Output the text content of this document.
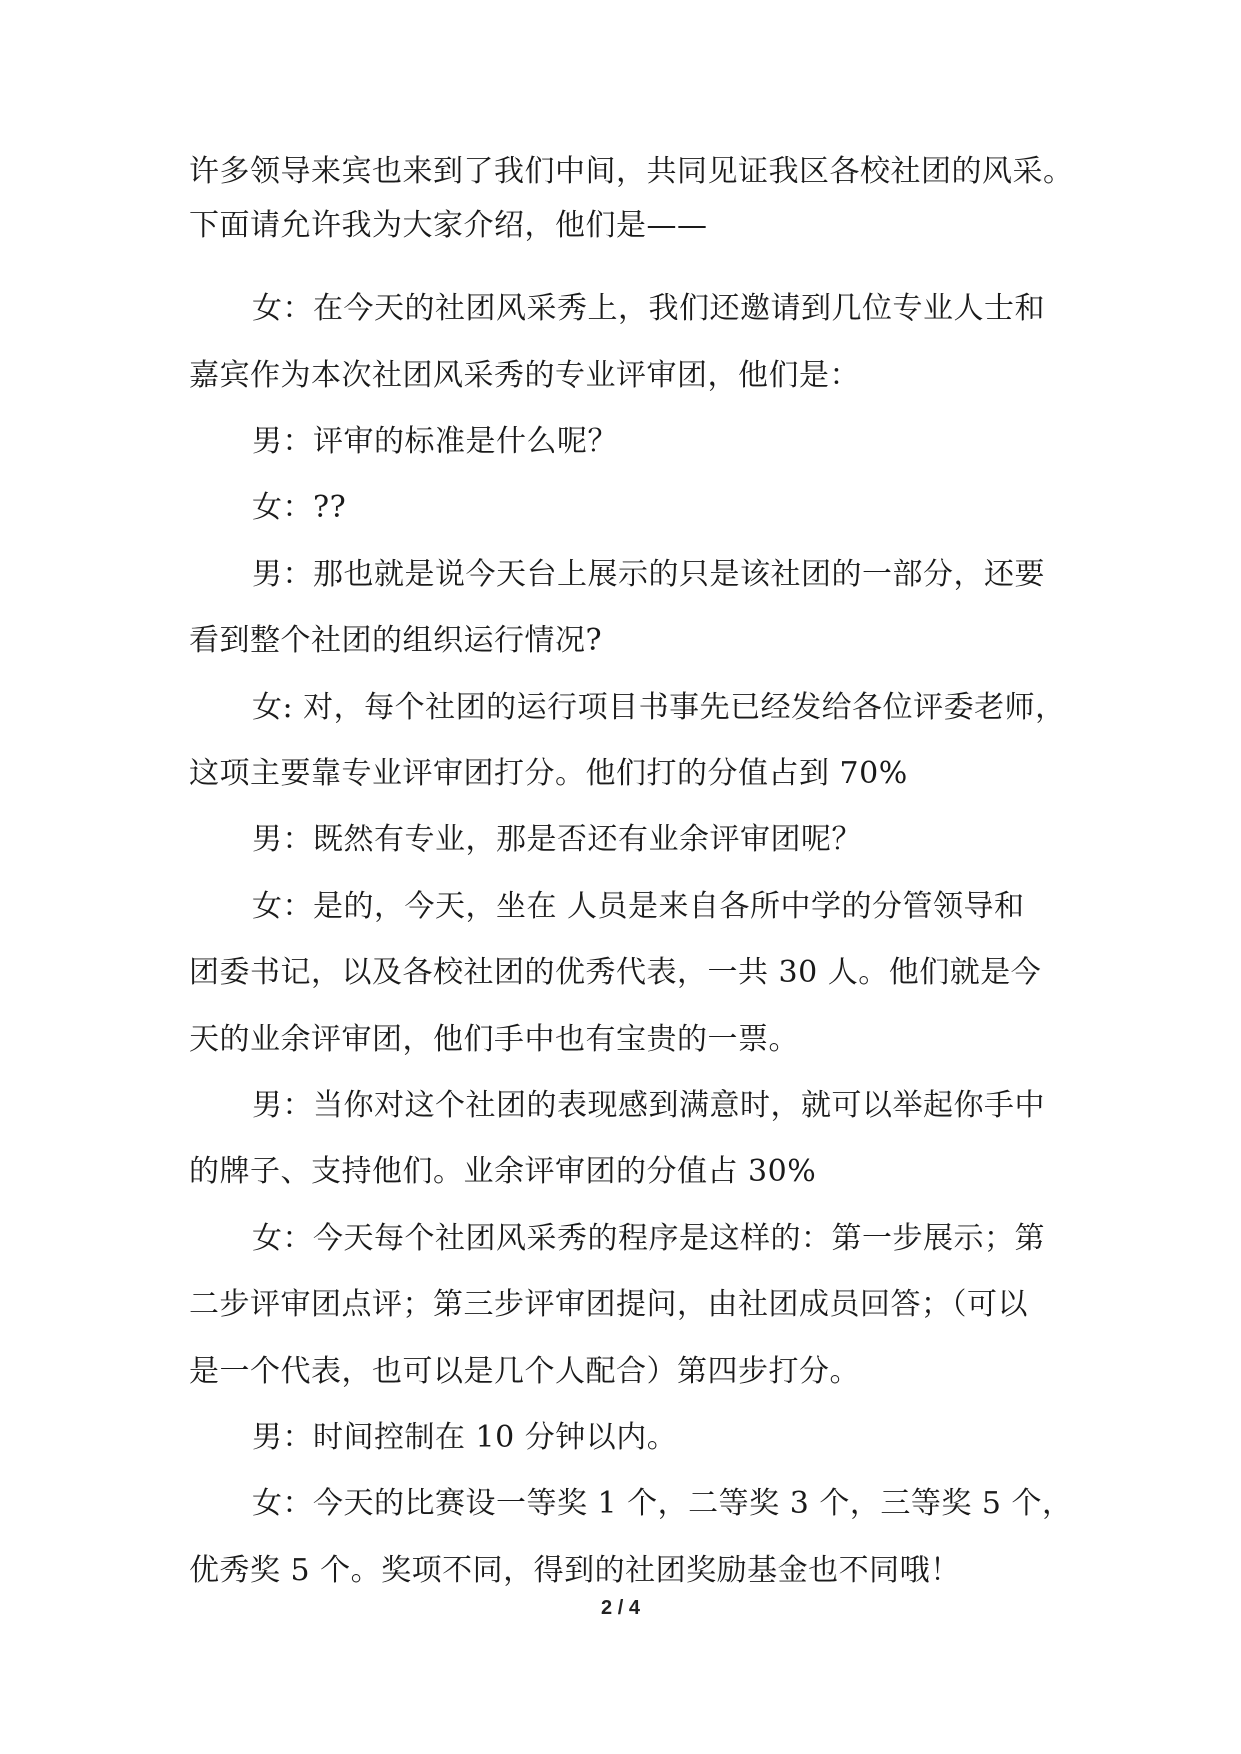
许多领导来宾也来到了我们中间，共同见证我区各校社团的风采。
下面请允许我为大家介绍，他们是——
女：在今天的社团风采秀上，我们还邀请到几位专业人士和
嘉宾作为本次社团风采秀的专业评审团，他们是：
男：评审的标准是什么呢？
女：??
男：那也就是说今天台上展示的只是该社团的一部分，还要
看到整个社团的组织运行情况?
女: 对，每个社团的运行项目书事先已经发给各位评委老师，
这项主要靠专业评审团打分。他们打的分值占到 70%
男：既然有专业，那是否还有业余评审团呢？
女：是的，今天，坐在 人员是来自各所中学的分管领导和
团委书记，以及各校社团的优秀代表，一共 30 人。他们就是今
天的业余评审团，他们手中也有宝贵的一票。
男：当你对这个社团的表现感到满意时，就可以举起你手中
的牌子、支持他们。业余评审团的分值占 30%
女：今天每个社团风采秀的程序是这样的：第一步展示；第
二步评审团点评；第三步评审团提问，由社团成员回答；（可以
是一个代表，也可以是几个人配合）第四步打分。
男：时间控制在 10 分钟以内。
女：今天的比赛设一等奖 1 个，二等奖 3 个，三等奖 5 个，
优秀奖 5 个。奖项不同，得到的社团奖励基金也不同哦！
2 / 4
